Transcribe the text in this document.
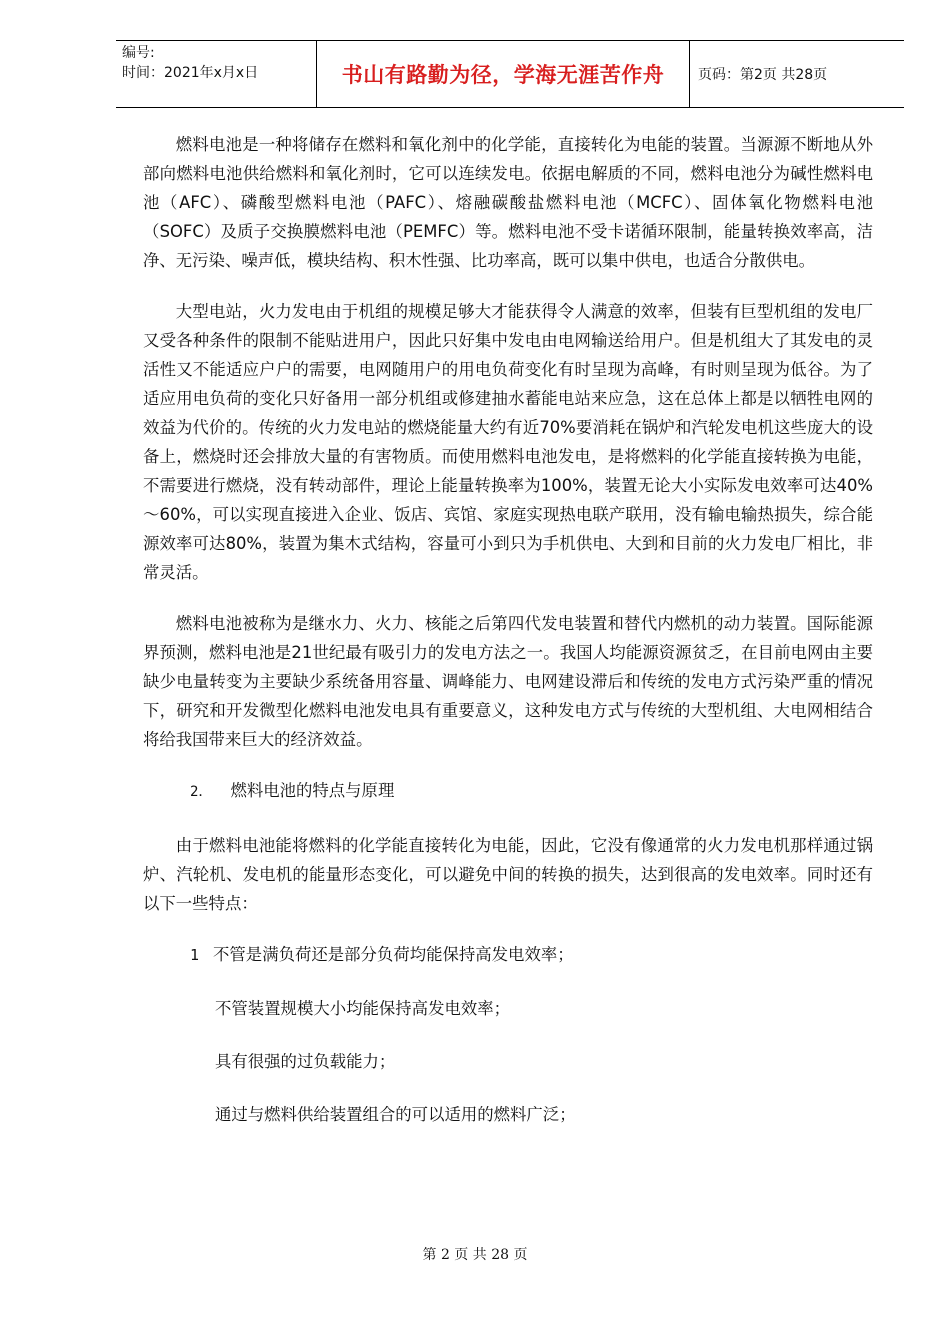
编号:
时间：2021年x月x日	书山有路勤为径，学海无涯苦作舟	页码：第2页 共28页

燃料电池是一种将储存在燃料和氧化剂中的化学能，直接转化为电能的装置。当源源不断地从外部向燃料电池供给燃料和氧化剂时，它可以连续发电。依据电解质的不同，燃料电池分为碱性燃料电池（AFC）、磷酸型燃料电池（PAFC）、熔融碳酸盐燃料电池（MCFC）、固体氧化物燃料电池（SOFC）及质子交换膜燃料电池（PEMFC）等。燃料电池不受卡诺循环限制，能量转换效率高，洁净、无污染、噪声低，模块结构、积木性强、比功率高，既可以集中供电，也适合分散供电。

大型电站，火力发电由于机组的规模足够大才能获得令人满意的效率，但装有巨型机组的发电厂又受各种条件的限制不能贴进用户，因此只好集中发电由电网输送给用户。但是机组大了其发电的灵活性又不能适应户户的需要，电网随用户的用电负荷变化有时呈现为高峰，有时则呈现为低谷。为了适应用电负荷的变化只好备用一部分机组或修建抽水蓄能电站来应急，这在总体上都是以牺牲电网的效益为代价的。传统的火力发电站的燃烧能量大约有近70%要消耗在锅炉和汽轮发电机这些庞大的设备上，燃烧时还会排放大量的有害物质。而使用燃料电池发电，是将燃料的化学能直接转换为电能，不需要进行燃烧，没有转动部件，理论上能量转换率为100%，装置无论大小实际发电效率可达40%～60%，可以实现直接进入企业、饭店、宾馆、家庭实现热电联产联用，没有输电输热损失，综合能源效率可达80%，装置为集木式结构，容量可小到只为手机供电、大到和目前的火力发电厂相比，非常灵活。

燃料电池被称为是继水力、火力、核能之后第四代发电装置和替代内燃机的动力装置。国际能源界预测，燃料电池是21世纪最有吸引力的发电方法之一。我国人均能源资源贫乏，在目前电网由主要缺少电量转变为主要缺少系统备用容量、调峰能力、电网建设滞后和传统的发电方式污染严重的情况下，研究和开发微型化燃料电池发电具有重要意义，这种发电方式与传统的大型机组、大电网相结合将给我国带来巨大的经济效益。

2． 燃料电池的特点与原理

由于燃料电池能将燃料的化学能直接转化为电能，因此，它没有像通常的火力发电机那样通过锅炉、汽轮机、发电机的能量形态变化，可以避免中间的转换的损失，达到很高的发电效率。同时还有以下一些特点：

1 不管是满负荷还是部分负荷均能保持高发电效率；
不管装置规模大小均能保持高发电效率；
具有很强的过负载能力；
通过与燃料供给装置组合的可以适用的燃料广泛；
第 2 页 共 28 页
